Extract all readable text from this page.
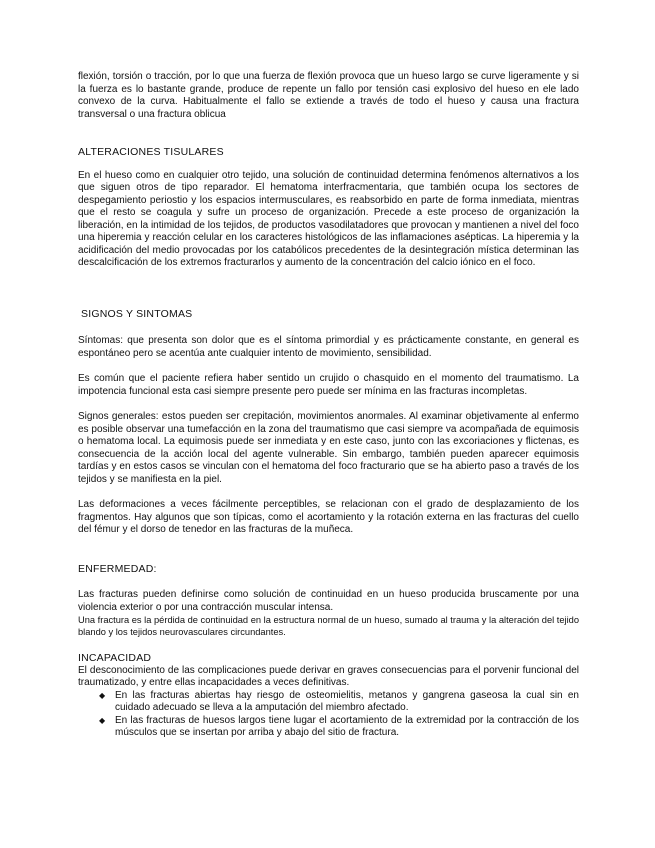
flexión, torsión o tracción, por lo que una fuerza de flexión provoca que un hueso largo se curve ligeramente y si la fuerza es lo bastante grande, produce de repente un fallo por tensión casi explosivo del hueso en ele lado convexo de la curva. Habitualmente el fallo se extiende a través de todo el hueso y causa una fractura transversal o una fractura oblicua

ALTERACIONES TISULARES

En el hueso como en cualquier otro tejido, una solución de continuidad determina fenómenos alternativos a los que siguen otros de tipo reparador. El hematoma interfracmentaria, que también ocupa los sectores de despegamiento periostio y los espacios intermusculares, es reabsorbido en parte de forma inmediata, mientras que el resto se coagula y sufre un proceso de organización. Precede a este proceso de organización la liberación, en la intimidad de los tejidos, de productos vasodilatadores que provocan y mantienen a nivel del foco una hiperemia y reacción celular en los caracteres histológicos de las inflamaciones asépticas. La hiperemia y la acidificación del medio provocadas por los catabólicos precedentes de la desintegración mística determinan las descalcificación de los extremos fracturarlos y aumento de la concentración del calcio iónico en el foco.

SIGNOS Y SINTOMAS

Síntomas: que presenta son dolor que es el síntoma primordial y es prácticamente constante, en general es espontáneo pero se acentúa ante cualquier intento de movimiento, sensibilidad.

Es común que el paciente refiera haber sentido un crujido o chasquido en el momento del traumatismo. La impotencia funcional esta casi siempre presente pero puede ser mínima en las fracturas incompletas.

Signos generales: estos pueden ser crepitación, movimientos anormales. Al examinar objetivamente al enfermo es posible observar una tumefacción en la zona del traumatismo que casi siempre va acompañada de equimosis o hematoma local. La equimosis puede ser inmediata y en este caso, junto con las excoriaciones y flictenas, es consecuencia de la acción local del agente vulnerable. Sin embargo, también pueden aparecer equimosis tardías y en estos casos se vinculan con el hematoma del foco fracturario que se ha abierto paso a través de los tejidos y se manifiesta en la piel.

Las deformaciones a veces fácilmente perceptibles, se relacionan con el grado de desplazamiento de los fragmentos. Hay algunos que son típicas, como el acortamiento y la rotación externa en las fracturas del cuello del fémur y el dorso de tenedor en las fracturas de la muñeca.

ENFERMEDAD:

Las fracturas pueden definirse como solución de continuidad en un hueso producida bruscamente por una violencia exterior o por una contracción muscular intensa.

Una fractura es la pérdida de continuidad en la estructura normal de un hueso, sumado al trauma y la alteración del tejido blando y los tejidos neurovasculares circundantes.

INCAPACIDAD

El desconocimiento de las complicaciones puede derivar en graves consecuencias para el porvenir funcional del traumatizado, y entre ellas incapacidades a veces definitivas.

◆ En las fracturas abiertas hay riesgo de osteomielitis, metanos y gangrena gaseosa la cual sin en cuidado adecuado se lleva a la amputación del miembro afectado.
◆ En las fracturas de huesos largos tiene lugar el acortamiento de la extremidad por la contracción de los músculos que se insertan por arriba y abajo del sitio de fractura.
